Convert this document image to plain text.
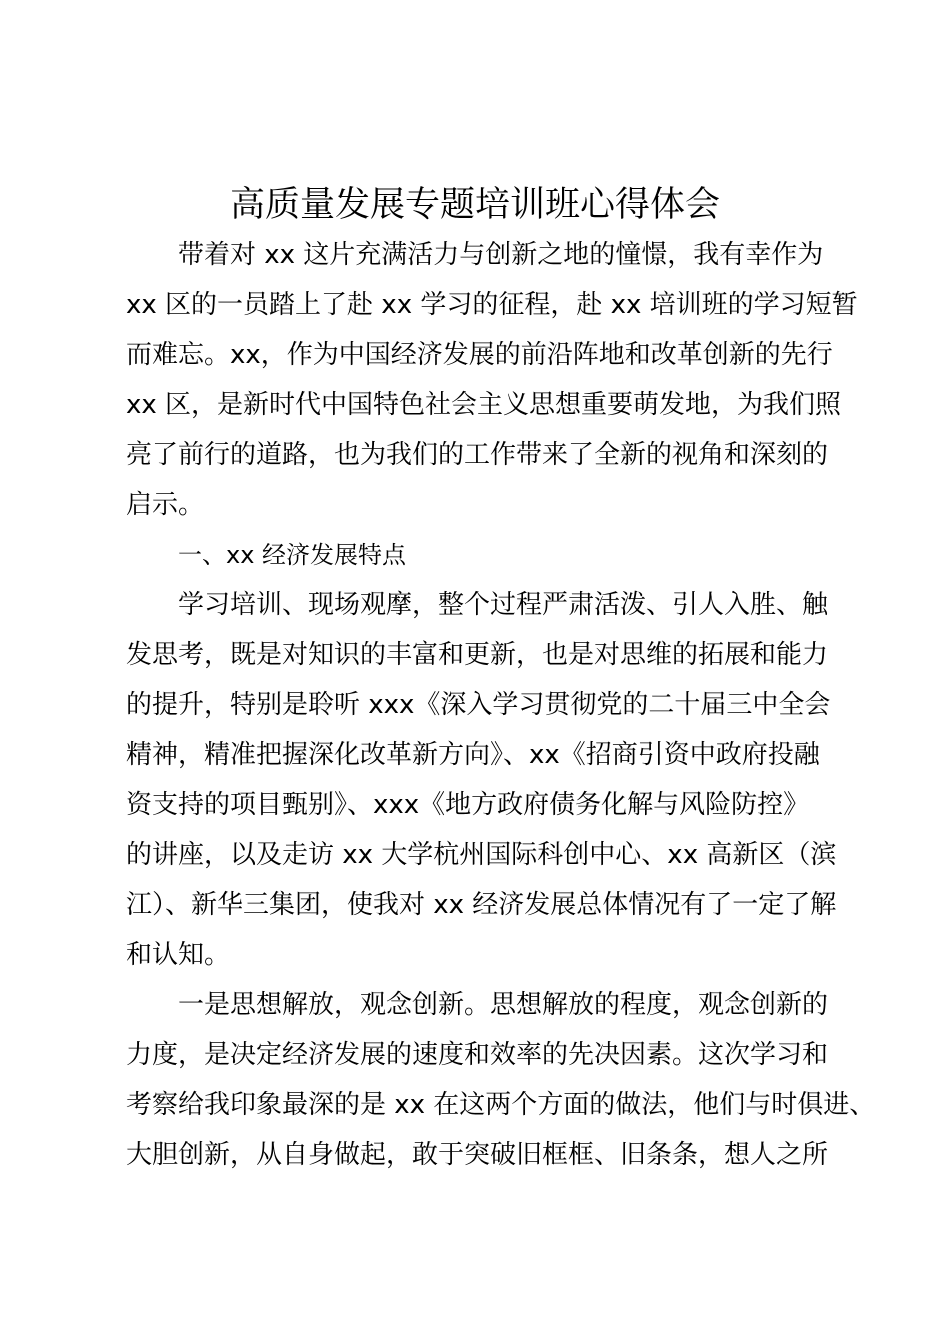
高质量发展专题培训班心得体会

带着对 xx 这片充满活力与创新之地的憧憬，我有幸作为
xx 区的一员踏上了赴 xx 学习的征程，赴 xx 培训班的学习短暂
而难忘。xx，作为中国经济发展的前沿阵地和改革创新的先行
xx 区，是新时代中国特色社会主义思想重要萌发地，为我们照
亮了前行的道路，也为我们的工作带来了全新的视角和深刻的
启示。

一、xx 经济发展特点

学习培训、现场观摩，整个过程严肃活泼、引人入胜、触
发思考，既是对知识的丰富和更新，也是对思维的拓展和能力
的提升，特别是聆听 xxx《深入学习贯彻党的二十届三中全会
精神，精准把握深化改革新方向》、xx《招商引资中政府投融
资支持的项目甄别》、xxx《地方政府债务化解与风险防控》
的讲座，以及走访 xx 大学杭州国际科创中心、xx 高新区（滨
江）、新华三集团，使我对 xx 经济发展总体情况有了一定了解
和认知。

一是思想解放，观念创新。思想解放的程度，观念创新的
力度，是决定经济发展的速度和效率的先决因素。这次学习和
考察给我印象最深的是 xx 在这两个方面的做法，他们与时俱进、
大胆创新，从自身做起，敢于突破旧框框、旧条条，想人之所
